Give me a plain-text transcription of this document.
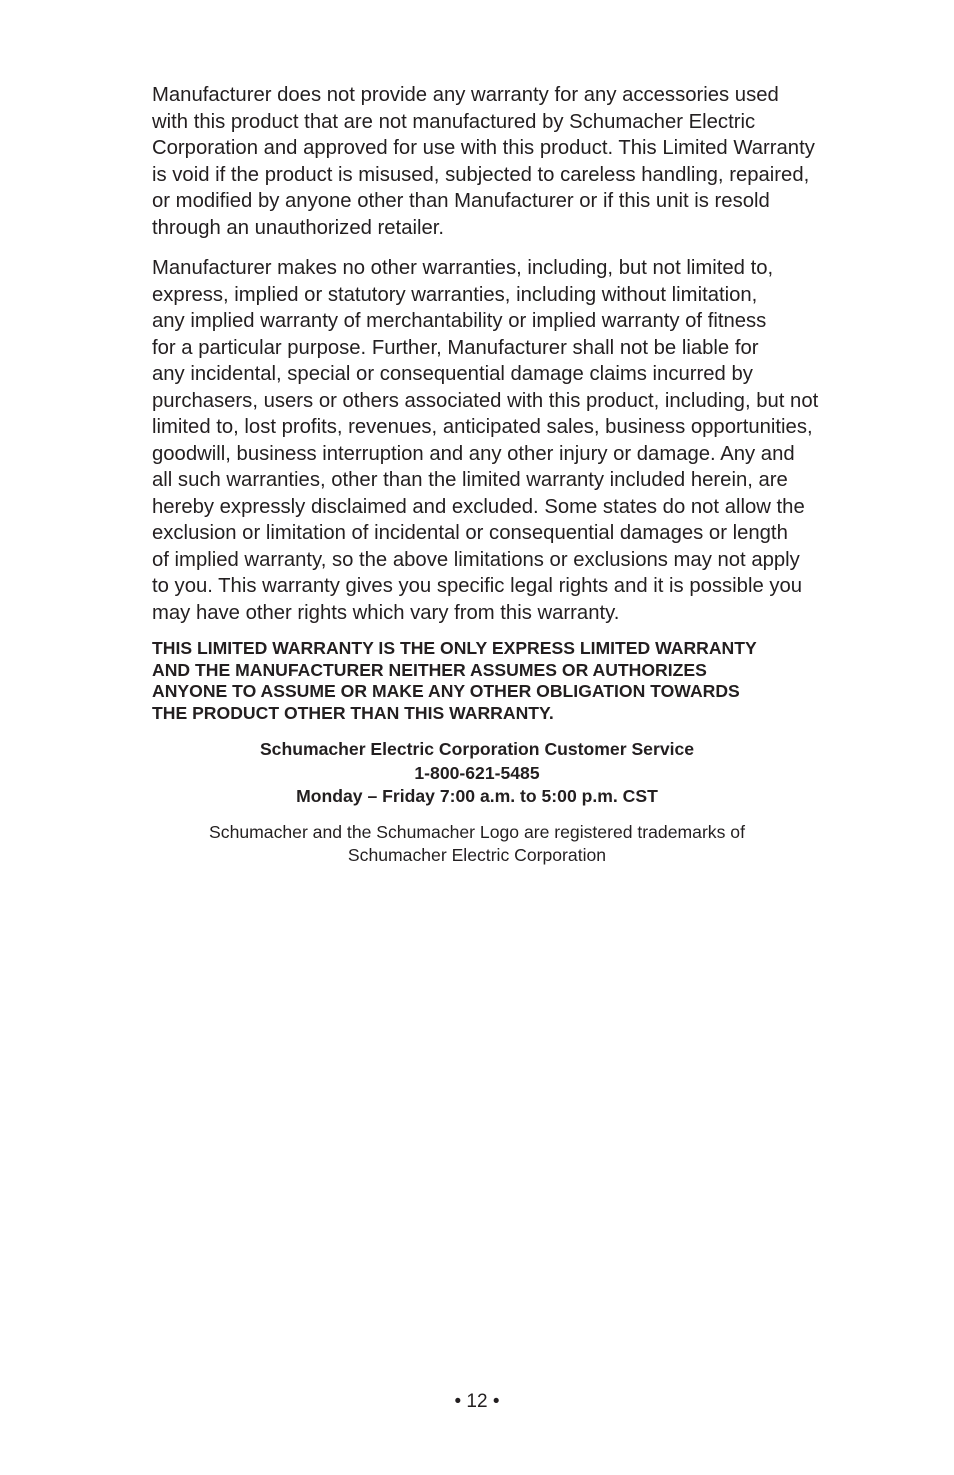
Manufacturer does not provide any warranty for any accessories used
with this product that are not manufactured by Schumacher Electric
Corporation and approved for use with this product. This Limited Warranty
is void if the product is misused, subjected to careless handling, repaired,
or modified by anyone other than Manufacturer or if this unit is resold
through an unauthorized retailer.

Manufacturer makes no other warranties, including, but not limited to,
express, implied or statutory warranties, including without limitation,
any implied warranty of merchantability or implied warranty of fitness
for a particular purpose. Further, Manufacturer shall not be liable for
any incidental, special or consequential damage claims incurred by
purchasers, users or others associated with this product, including, but not
limited to, lost profits, revenues, anticipated sales, business opportunities,
goodwill, business interruption and any other injury or damage. Any and
all such warranties, other than the limited warranty included herein, are
hereby expressly disclaimed and excluded. Some states do not allow the
exclusion or limitation of incidental or consequential damages or length
of implied warranty, so the above limitations or exclusions may not apply
to you. This warranty gives you specific legal rights and it is possible you
may have other rights which vary from this warranty.

THIS LIMITED WARRANTY IS THE ONLY EXPRESS LIMITED WARRANTY
AND THE MANUFACTURER NEITHER ASSUMES OR AUTHORIZES
ANYONE TO ASSUME OR MAKE ANY OTHER OBLIGATION TOWARDS
THE PRODUCT OTHER THAN THIS WARRANTY.

Schumacher Electric Corporation Customer Service
1-800-621-5485
Monday – Friday 7:00 a.m. to 5:00 p.m. CST

Schumacher and the Schumacher Logo are registered trademarks of
Schumacher Electric Corporation

• 12 •
